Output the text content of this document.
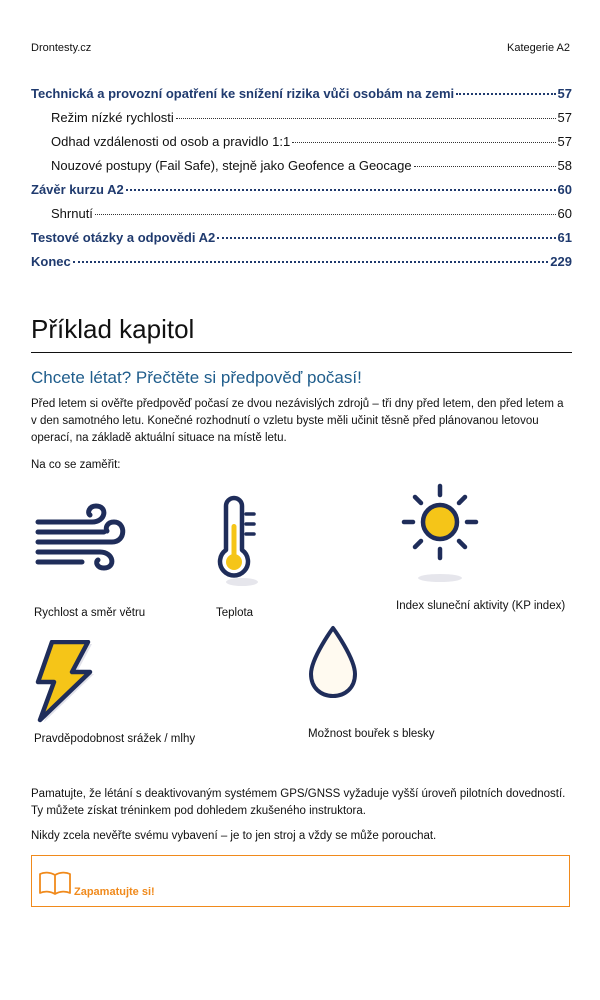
Drontesty.cz	Kategerie A2
Technická a provozní opatření ke snížení rizika vůči osobám na zemi	57
Režim nízké rychlosti	57
Odhad vzdálenosti od osob a pravidlo 1:1	57
Nouzové postupy (Fail Safe), stejně jako Geofence a Geocage	58
Závěr kurzu A2	60
Shrnutí	60
Testové otázky a odpovědi A2	61
Konec	229
Příklad kapitol
Chcete létat? Přečtěte si předpověď počasí!
Před letem si ověřte předpověď počasí ze dvou nezávislých zdrojů – tři dny před letem, den před letem a v den samotného letu. Konečné rozhodnutí o vzletu byste měli učinit těsně před plánovanou letovou operací, na základě aktuální situace na místě letu.
Na co se zaměřit:
Rychlost a směr větru	Teplota
Index sluneční aktivity (KP index)
Pravděpodobnost srážek / mlhy	Možnost bouřek s blesky
Pamatujte, že létání s deaktivovaným systémem GPS/GNSS vyžaduje vyšší úroveň pilotních dovedností. Ty můžete získat tréninkem pod dohledem zkušeného instruktora.
Nikdy zcela nevěřte svému vybavení – je to jen stroj a vždy se může porouchat.
Zapamatujte si!
